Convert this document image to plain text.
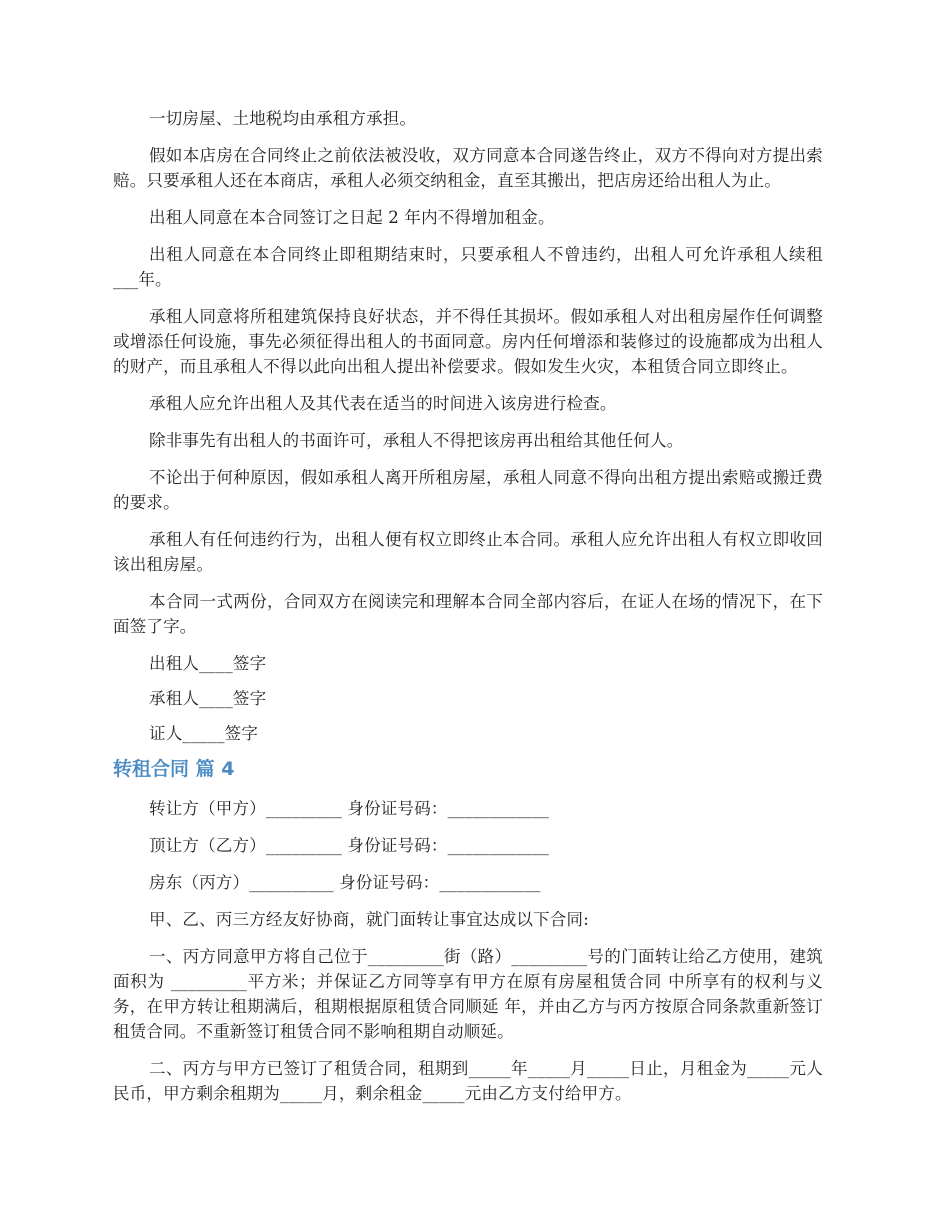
一切房屋、土地税均由承租方承担。

假如本店房在合同终止之前依法被没收，双方同意本合同遂告终止，双方不得向对方提出索赔。只要承租人还在本商店，承租人必须交纳租金，直至其搬出，把店房还给出租人为止。

出租人同意在本合同签订之日起 2 年内不得增加租金。

出租人同意在本合同终止即租期结束时，只要承租人不曾违约，出租人可允许承租人续租___年。

承租人同意将所租建筑保持良好状态，并不得任其损坏。假如承租人对出租房屋作任何调整或增添任何设施，事先必须征得出租人的书面同意。房内任何增添和装修过的设施都成为出租人的财产，而且承租人不得以此向出租人提出补偿要求。假如发生火灾，本租赁合同立即终止。

承租人应允许出租人及其代表在适当的时间进入该房进行检查。

除非事先有出租人的书面许可，承租人不得把该房再出租给其他任何人。

不论出于何种原因，假如承租人离开所租房屋，承租人同意不得向出租方提出索赔或搬迁费的要求。

承租人有任何违约行为，出租人便有权立即终止本合同。承租人应允许出租人有权立即收回该出租房屋。

本合同一式两份，合同双方在阅读完和理解本合同全部内容后，在证人在场的情况下，在下面签了字。

出租人____签字

承租人____签字

证人_____签字

转租合同 篇 4

转让方（甲方）_________ 身份证号码：____________

顶让方（乙方）_________ 身份证号码：____________

房东（丙方）__________ 身份证号码：____________

甲、乙、丙三方经友好协商，就门面转让事宜达成以下合同:

一、丙方同意甲方将自己位于_________街（路）_________号的门面转让给乙方使用，建筑面积为 _________平方米；并保证乙方同等享有甲方在原有房屋租赁合同 中所享有的权利与义务，在甲方转让租期满后，租期根据原租赁合同顺延 年，并由乙方与丙方按原合同条款重新签订租赁合同。不重新签订租赁合同不影响租期自动顺延。

二、丙方与甲方已签订了租赁合同，租期到_____年_____月_____日止，月租金为_____元人民币，甲方剩余租期为_____月，剩余租金_____元由乙方支付给甲方。
